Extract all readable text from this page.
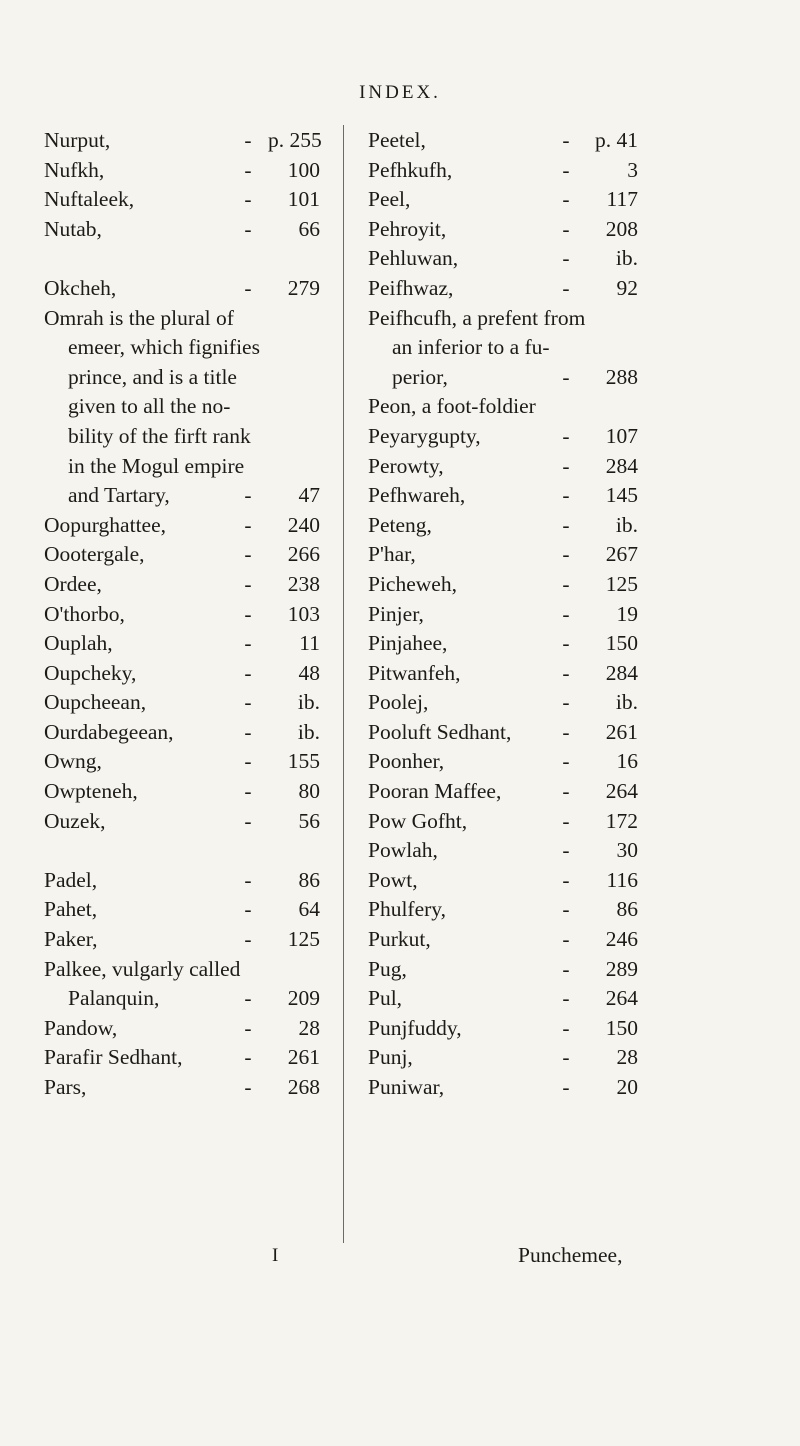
INDEX.
Nurput,	- p. 255
Nufkh,	-	100
Nuftaleek,	-	101
Nutab,	-	66
Okcheh,	-	279
Omrah is the plural of
emeer, which fignifies
prince, and is a title
given to all the no-
bility of the firft rank
in the Mogul empire
and Tartary,	-	47
Oopurghattee,	-	240
Oootergale,	-	266
Ordee,	-	238
O'thorbo,	-	103
Ouplah,	-	11
Oupcheky,	-	48
Oupcheean,	-	ib.
Ourdabegeean,	-	ib.
Owng,	-	155
Owpteneh,	-	80
Ouzek,	-	56
Padel,	-	86
Pahet,	-	64
Paker,	-	125
Palkee, vulgarly called
Palanquin,	-	209
Pandow,	-	28
Parafir Sedhant,	-	261
Pars,	-	268
Peetel,	-	p. 41
Pefhkufh,	-	3
Peel,	-	117
Pehroyit,	-	208
Pehluwan,	-	ib.
Peifhwaz,	-	92
Peifhcufh, a prefent from
an inferior to a fu-
perior,	-	288
Peon, a foot-foldier
Peyarygupty,	-	107
Perowty,	-	284
Pefhwareh,	-	145
Peteng,	-	ib.
P'har,	-	267
Picheweh,	-	125
Pinjer,	-	19
Pinjahee,	-	150
Pitwanfeh,	-	284
Poolej,	-	ib.
Pooluft Sedhant,	-	261
Poonher,	-	16
Pooran Maffee,	-	264
Pow Gofht,	-	172
Powlah,	-	30
Powt,	-	116
Phulfery,	-	86
Purkut,	-	246
Pug,	-	289
Pul,	-	264
Punjfuddy,	-	150
Punj,	-	28
Puniwar,	-	20
I	Punchemee,
